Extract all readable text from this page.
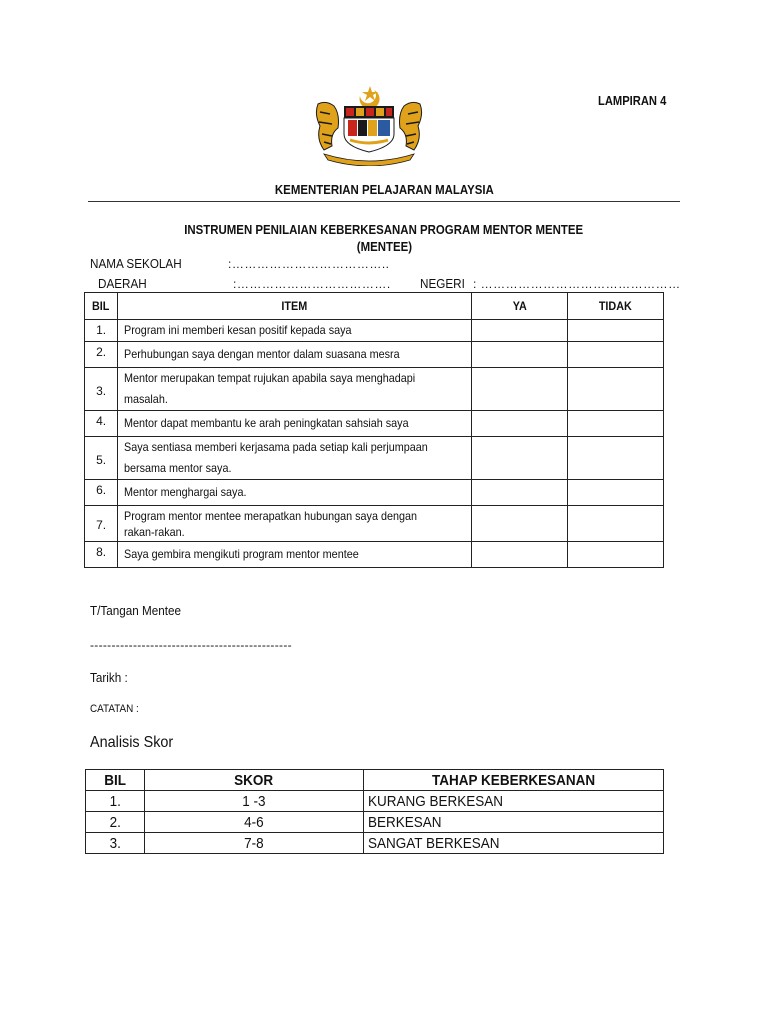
LAMPIRAN 4
KEMENTERIAN PELAJARAN MALAYSIA
INSTRUMEN PENILAIAN KEBERKESANAN PROGRAM MENTOR MENTEE
(MENTEE)
NAMA SEKOLAH	:………………………………..
DAERAH	:………………………………. NEGERI : …………………………………………
BIL	ITEM	YA	TIDAK
1.	Program ini memberi kesan positif kepada saya		
2.	Perhubungan saya dengan mentor dalam suasana mesra		
3.	Mentor merupakan tempat rujukan apabila saya menghadapi masalah.		
4.	Mentor dapat membantu ke arah peningkatan sahsiah saya		
5.	Saya sentiasa memberi kerjasama pada setiap kali perjumpaan bersama mentor saya.		
6.	Mentor menghargai saya.		
7.	Program mentor mentee merapatkan hubungan saya dengan rakan-rakan.		
8.	Saya gembira mengikuti program mentor mentee		
T/Tangan Mentee
-----------------------------------------------
Tarikh :
CATATAN :
Analisis Skor
BIL	SKOR	TAHAP KEBERKESANAN
1.	1 -3	KURANG BERKESAN
2.	4-6	BERKESAN
3.	7-8	SANGAT BERKESAN
